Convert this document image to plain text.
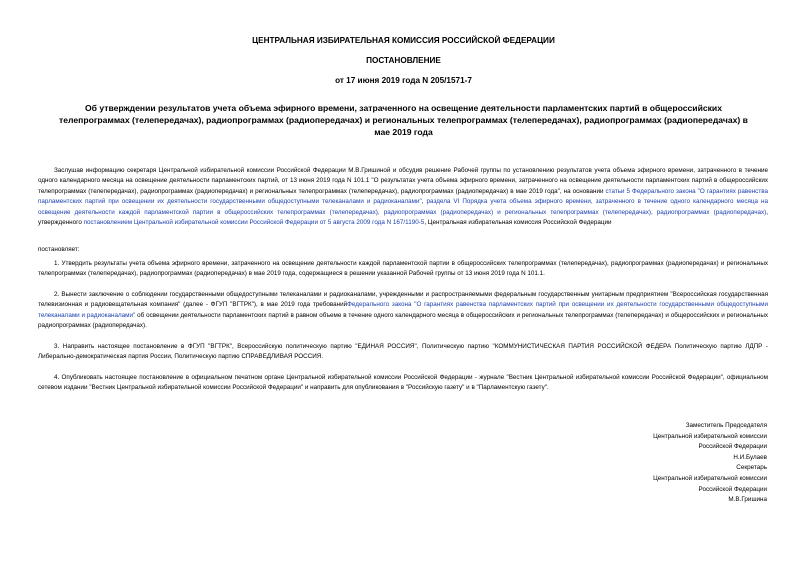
ЦЕНТРАЛЬНАЯ ИЗБИРАТЕЛЬНАЯ КОМИССИЯ РОССИЙСКОЙ ФЕДЕРАЦИИ
ПОСТАНОВЛЕНИЕ
от 17 июня 2019 года N 205/1571-7
Об утверждении результатов учета объема эфирного времени, затраченного на освещение деятельности парламентских партий в общероссийских телепрограммах (телепередачах), радиопрограммах (радиопередачах) и региональных телепрограммах (телепередачах), радиопрограммах (радиопередачах) в мае 2019 года
Заслушав информацию секретаря Центральной избирательной комиссии Российской Федерации М.В.Гришиной и обсудив решение Рабочей группы по установлению результатов учета объема эфирного времени, затраченного в течение одного календарного месяца на освещение деятельности парламентских партий, от 13 июня 2019 года N 101.1 "О результатах учета объема эфирного времени, затраченного на освещение деятельности парламентских партий в общероссийских телепрограммах (телепередачах), радиопрограммах (радиопередачах) и региональных телепрограммах (телепередачах), радиопрограммах (радиопередачах) в мае 2019 года", на основании статьи 5 Федерального закона "О гарантиях равенства парламентских партий при освещении их деятельности государственными общедоступными телеканалами и радиоканалами", раздела VI Порядка учета объема эфирного времени, затраченного в течение одного календарного месяца на освещение деятельности каждой парламентской партии в общероссийских телепрограммах (телепередачах), радиопрограммах (радиопередачах) и региональных телепрограммах (телепередачах), радиопрограммах (радиопередачах), утвержденного постановлением Центральной избирательной комиссии Российской Федерации от 5 августа 2009 года N 167/1190-5, Центральная избирательная комиссия Российской Федерации
постановляет:
1. Утвердить результаты учета объема эфирного времени, затраченного на освещение деятельности каждой парламентской партии в общероссийских телепрограммах (телепередачах), радиопрограммах (радиопередачах) и региональных телепрограммах (телепередачах), радиопрограммах (радиопередачах) в мае 2019 года, содержащиеся в решении указанной Рабочей группы от 13 июня 2019 года N 101.1.
2. Вынести заключение о соблюдении государственными общедоступными телеканалами и радиоканалами, учрежденными и распространяемыми федеральным государственным унитарным предприятием "Всероссийская государственная телевизионная и радиовещательная компания" (далее - ФГУП "ВГТРК"), в мае 2019 года требованийФедерального закона "О гарантиях равенства парламентских партий при освещении их деятельности государственными общедоступными телеканалами и радиоканалами" об освещении деятельности парламентских партий в равном объеме в течение одного календарного месяца в общероссийских и региональных телепрограммах (телепередачах) и общероссийских и региональных радиопрограммах (радиопередачах).
3. Направить настоящее постановление в ФГУП "ВГТРК", Всероссийскую политическую партию "ЕДИНАЯ РОССИЯ", Политическую партию "КОММУНИСТИЧЕСКАЯ ПАРТИЯ РОССИЙСКОЙ ФЕДЕРА Политическую партию ЛДПР - Либерально-демократическая партия России, Политическую партию СПРАВЕДЛИВАЯ РОССИЯ.
4. Опубликовать настоящее постановление в официальном печатном органе Центральной избирательной комиссии Российской Федерации - журнале "Вестник Центральной избирательной комиссии Российской Федерации", официальном сетевом издании "Вестник Центральной избирательной комиссии Российской Федерации" и направить для опубликования в "Российскую газету" и в "Парламентскую газету".
Заместитель Председателя
Центральной избирательной комиссии
Российской Федерации
Н.И.Булаев
Секретарь
Центральной избирательной комиссии
Российской Федерации
М.В.Гришина
